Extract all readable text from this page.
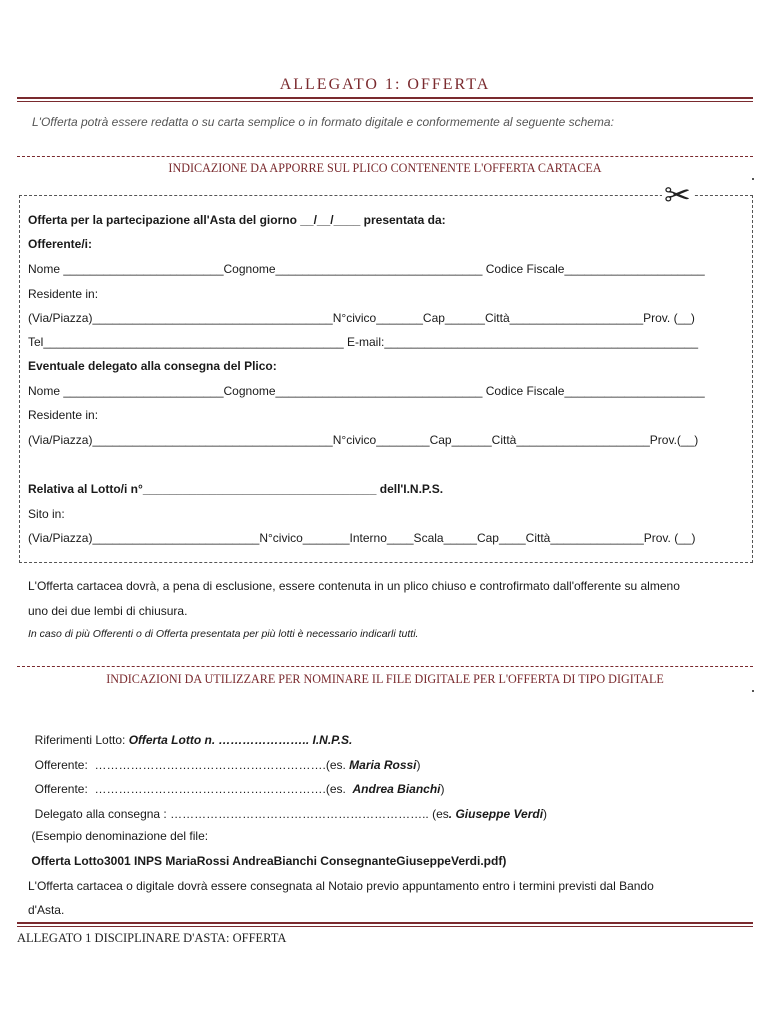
ALLEGATO 1: OFFERTA
L'Offerta potrà essere redatta o su carta semplice o in formato digitale e conformemente al seguente schema:
INDICAZIONE DA APPORRE SUL PLICO CONTENENTE L'OFFERTA CARTACEA
✂
Offerta per la partecipazione all'Asta del giorno __/__/____ presentata da:
Offerente/i:
Nome ________________________Cognome_______________________________ Codice Fiscale_____________________
Residente in:
(Via/Piazza)____________________________________N°civico_______Cap______Città____________________Prov. (__)
Tel_____________________________________________ E-mail:_______________________________________________
Eventuale delegato alla consegna del Plico:
Nome ________________________Cognome_______________________________ Codice Fiscale_____________________
Residente in:
(Via/Piazza)____________________________________N°civico________Cap______Città____________________Prov.(__)
Relativa al Lotto/i n°___________________________________ dell'I.N.P.S.
Sito in:
(Via/Piazza)_________________________N°civico_______Interno____Scala_____Cap____Città______________Prov. (__)
L'Offerta cartacea dovrà, a pena di esclusione, essere contenuta in un plico chiuso e controfirmato dall'offerente su almeno
uno dei due lembi di chiusura.
In caso di più Offerenti o di Offerta presentata per più lotti è necessario indicarli tutti.
INDICAZIONI DA UTILIZZARE PER NOMINARE IL FILE DIGITALE PER L'OFFERTA DI TIPO DIGITALE

Riferimenti Lotto: Offerta Lotto n. ………………….. I.N.P.S.

Offerente:  ………………………………………………….(es. Maria Rossi)

Offerente:  ………………………………………………….(es.  Andrea Bianchi)

Delegato alla consegna : ……………………………………………………….. (es. Giuseppe Verdi)

(Esempio denominazione del file:
Offerta Lotto3001 INPS MariaRossi AndreaBianchi ConsegnanteGiuseppeVerdi.pdf)
L'Offerta cartacea o digitale dovrà essere consegnata al Notaio previo appuntamento entro i termini previsti dal Bando
d'Asta.
ALLEGATO 1 DISCIPLINARE D'ASTA: OFFERTA
